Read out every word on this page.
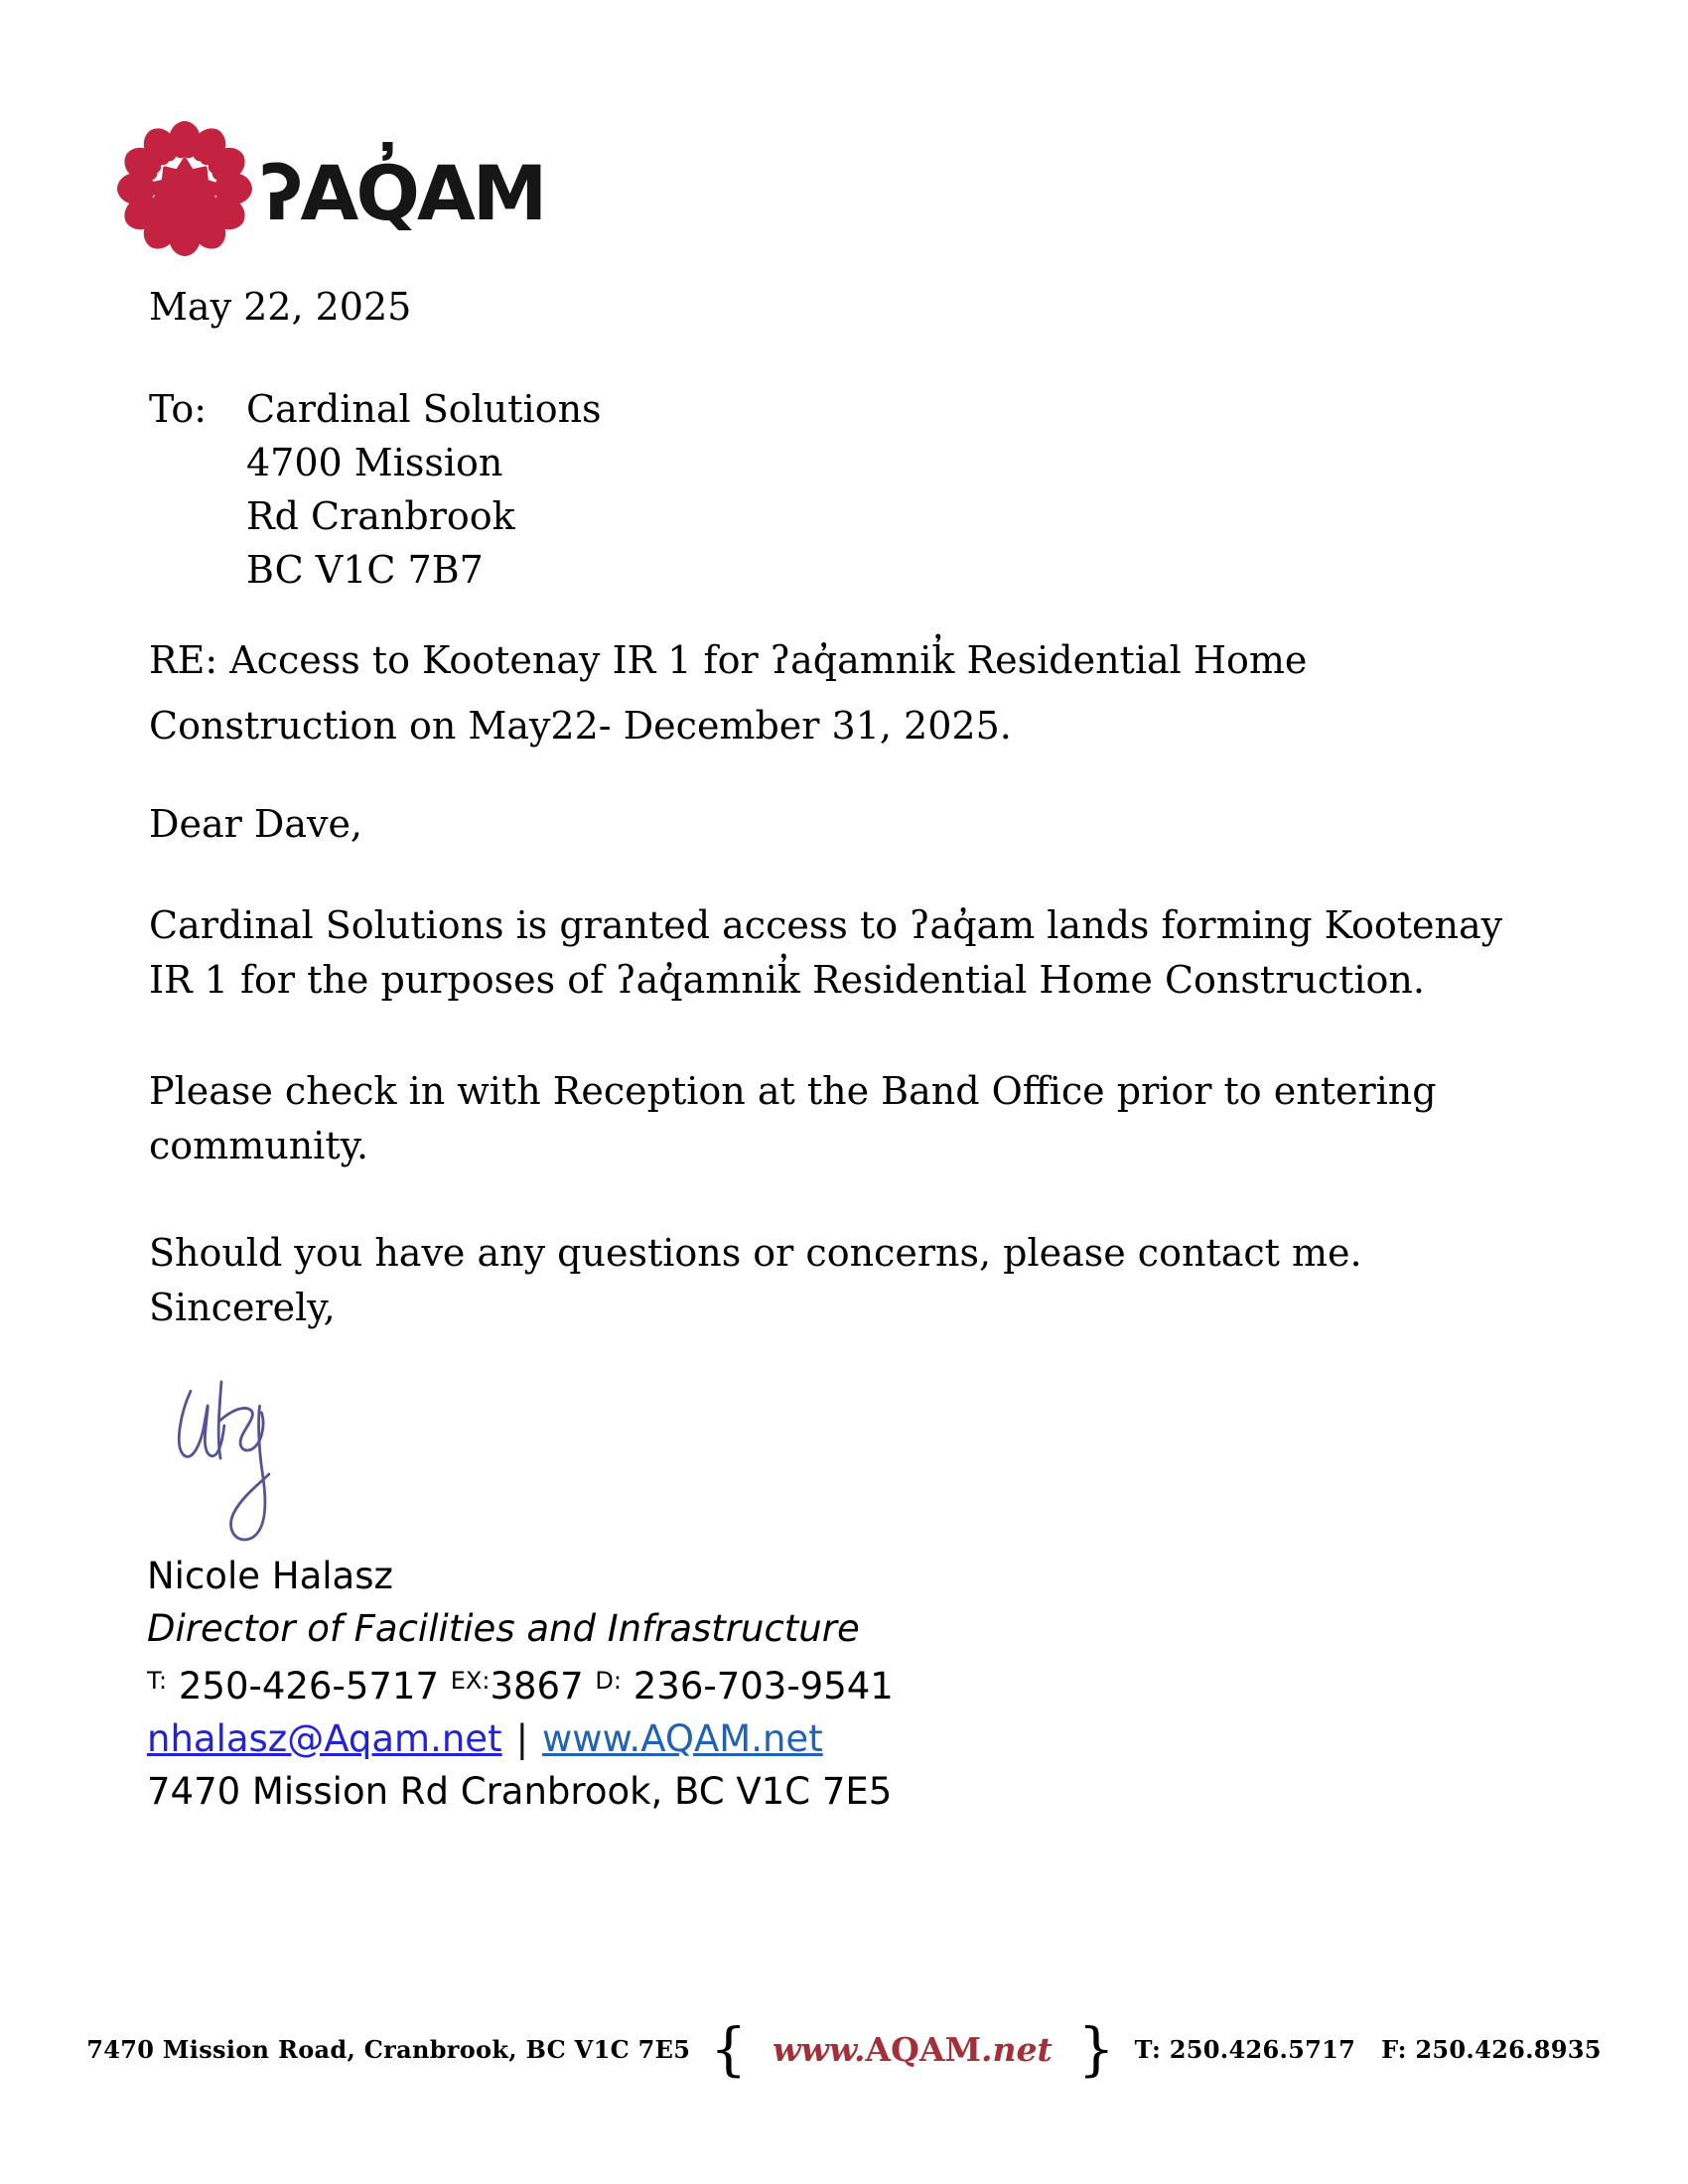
ʔAQ̓AM
May 22, 2025
To:	Cardinal Solutions
4700 Mission
Rd Cranbrook
BC V1C 7B7
RE: Access to Kootenay IR 1 for ʔaq̓amnik̓ Residential Home
Construction on May22- December 31, 2025.
Dear Dave,
Cardinal Solutions is granted access to ʔaq̓am lands forming Kootenay
IR 1 for the purposes of ʔaq̓amnik̓ Residential Home Construction.
Please check in with Reception at the Band Office prior to entering
community.
Should you have any questions or concerns, please contact me.
Sincerely,
Nicole Halasz
Director of Facilities and Infrastructure
$^{T:}$ 250-426-5717 $^{EX:}$3867 $^{D:}$ 236-703-9541
nhalasz@Aqam.net | www.AQAM.net
7470 Mission Rd Cranbrook, BC V1C 7E5
7470 Mission Road, Cranbrook, BC V1C 7E5 { www.AQAM.net } T: 250.426.5717 F: 250.426.8935
